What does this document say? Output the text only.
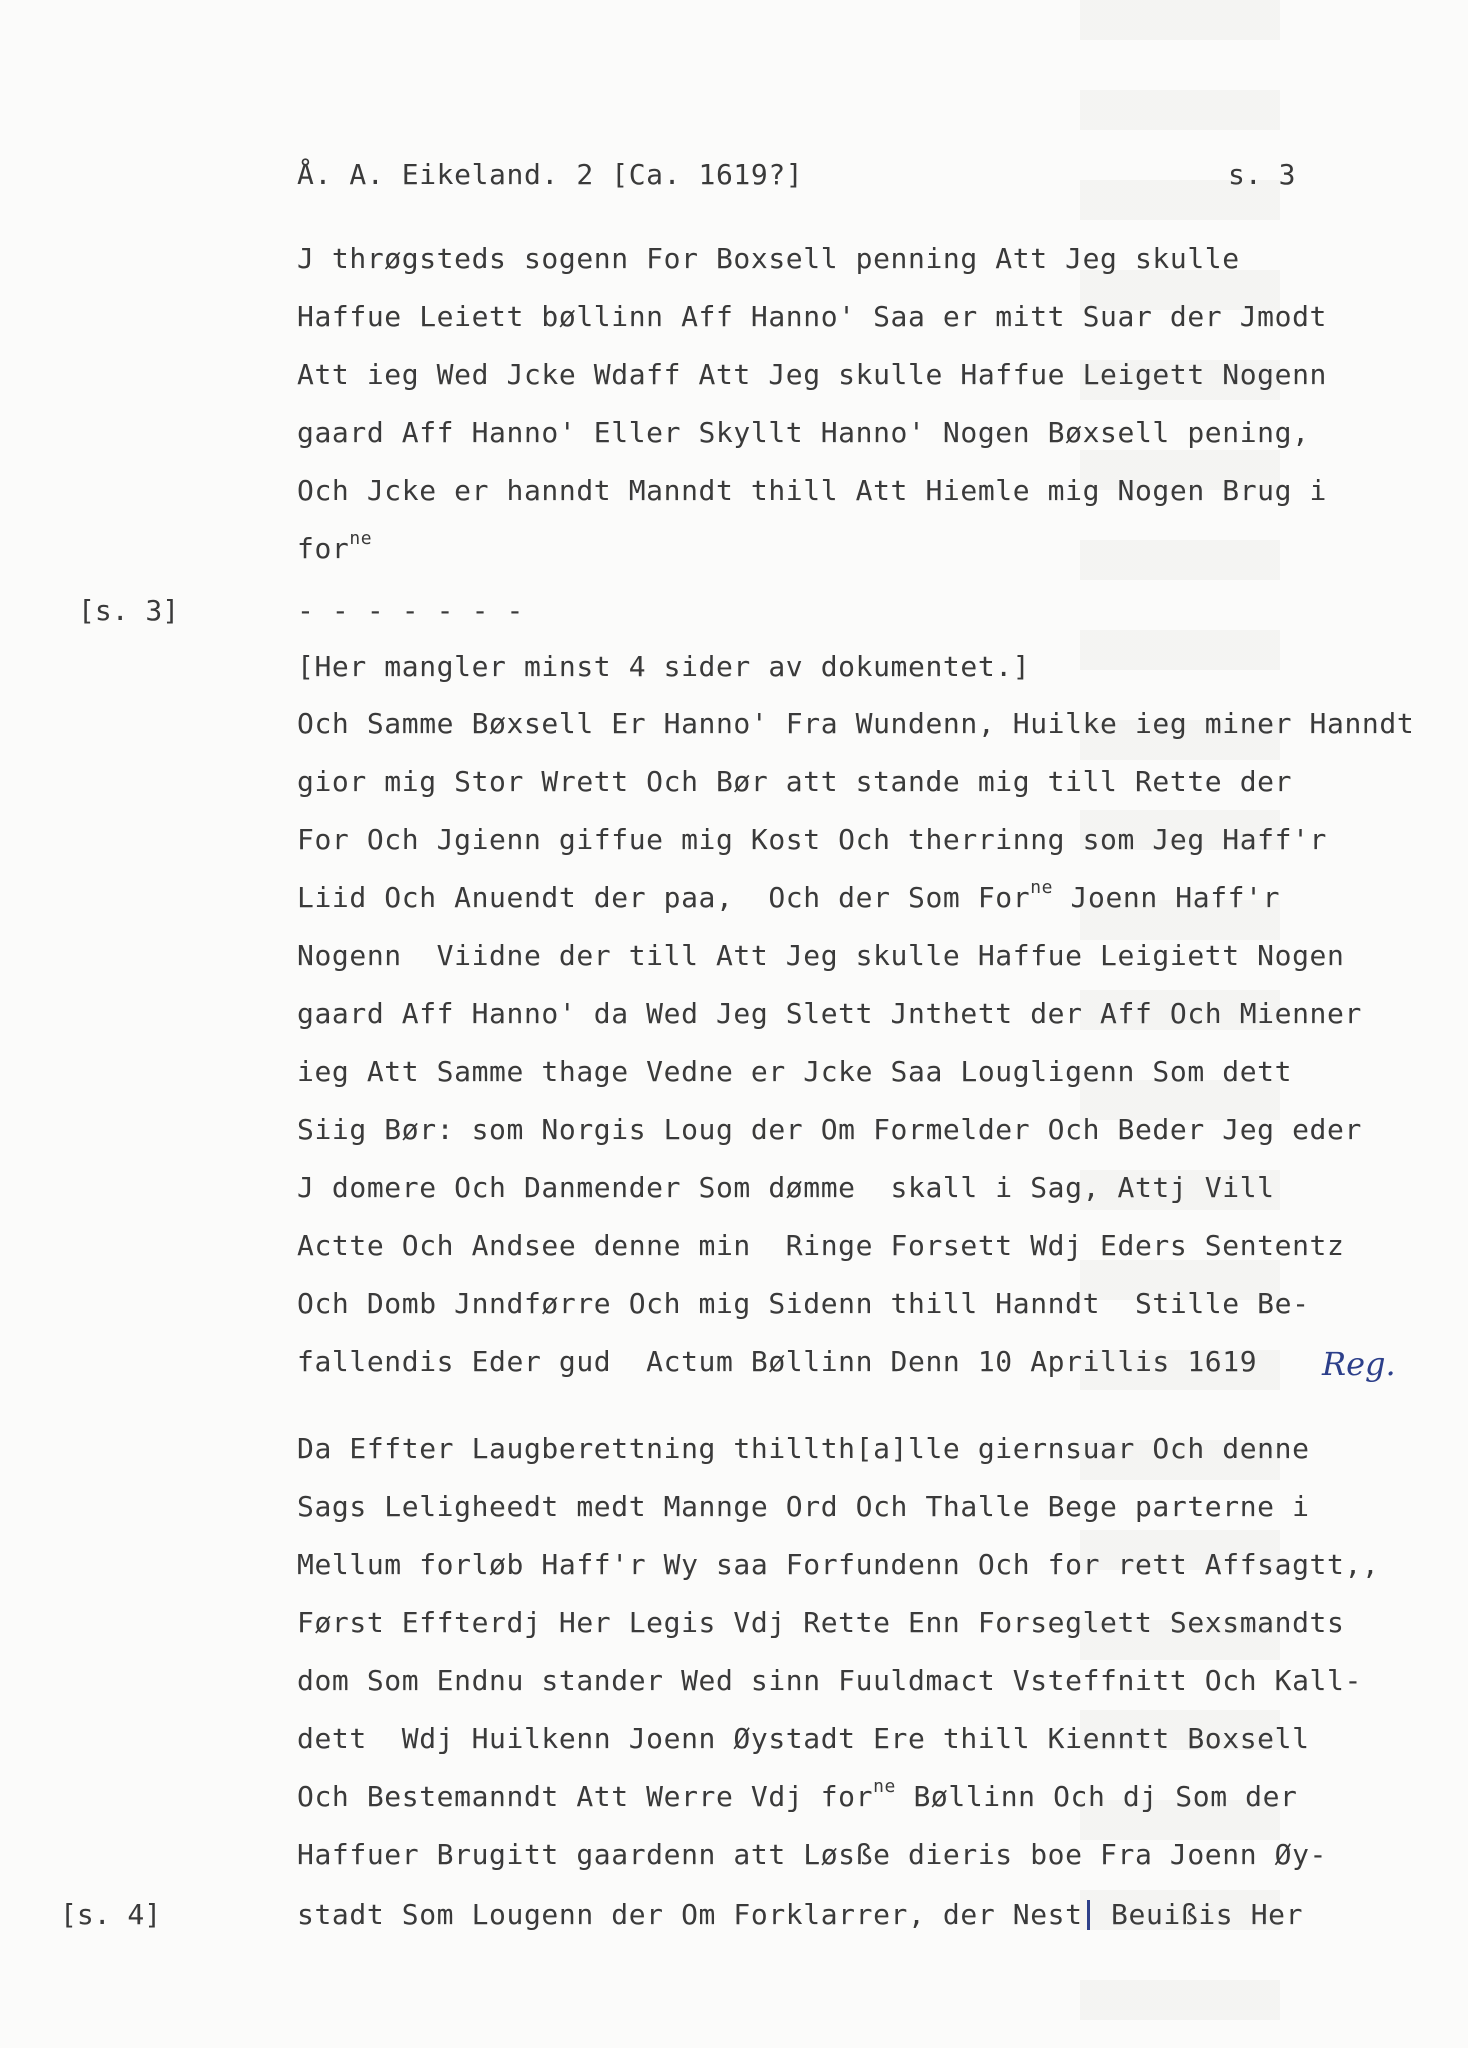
Å. A. Eikeland. 2 [Ca. 1619?]	s. 3
[s. 3]
[s. 4]
Reg.
J thrøgsteds sogenn For Boxsell penning Att Jeg skulle
Haffue Leiett bøllinn Aff Hanno' Saa er mitt Suar der Jmodt
Att ieg Wed Jcke Wdaff Att Jeg skulle Haffue Leigett Nogenn
gaard Aff Hanno' Eller Skyllt Hanno' Nogen Bøxsell pening,
Och Jcke er hanndt Manndt thill Att Hiemle mig Nogen Brug i
for$^{ne}$
- - - - - - -
[Her mangler minst 4 sider av dokumentet.]
Och Samme Bøxsell Er Hanno' Fra Wundenn, Huilke ieg miner Hanndt
gior mig Stor Wrett Och Bør att stande mig till Rette der
For Och Jgienn giffue mig Kost Och therrinng som Jeg Haff'r
Liid Och Anuendt der paa,  Och der Som For$^{ne}$ Joenn Haff'r
Nogenn  Viidne der till Att Jeg skulle Haffue Leigiett Nogen
gaard Aff Hanno' da Wed Jeg Slett Jnthett der Aff Och Mienner
ieg Att Samme thage Vedne er Jcke Saa Lougligenn Som dett
Siig Bør: som Norgis Loug der Om Formelder Och Beder Jeg eder
J domere Och Danmender Som dømme  skall i Sag, Attj Vill
Actte Och Andsee denne min  Ringe Forsett Wdj Eders Sententz
Och Domb Jnndførre Och mig Sidenn thill Hanndt  Stille Be-
fallendis Eder gud  Actum Bøllinn Denn 10 Aprillis 1619
Da Effter Laugberettning thillth[a]lle giernsuar Och denne
Sags Leligheedt medt Mannge Ord Och Thalle Bege parterne i
Mellum forløb Haff'r Wy saa Forfundenn Och for rett Affsagtt,,
Først Effterdj Her Legis Vdj Rette Enn Forseglett Sexsmandts
dom Som Endnu stander Wed sinn Fuuldmact Vsteffnitt Och Kall-
dett  Wdj Huilkenn Joenn Øystadt Ere thill Kienntt Boxsell
Och Bestemanndt Att Werre Vdj for$^{ne}$ Bøllinn Och dj Som der
Haffuer Brugitt gaardenn att Løsße dieris boe Fra Joenn Øy-
stadt Som Lougenn der Om Forklarrer, der Nest Beuißis Her
